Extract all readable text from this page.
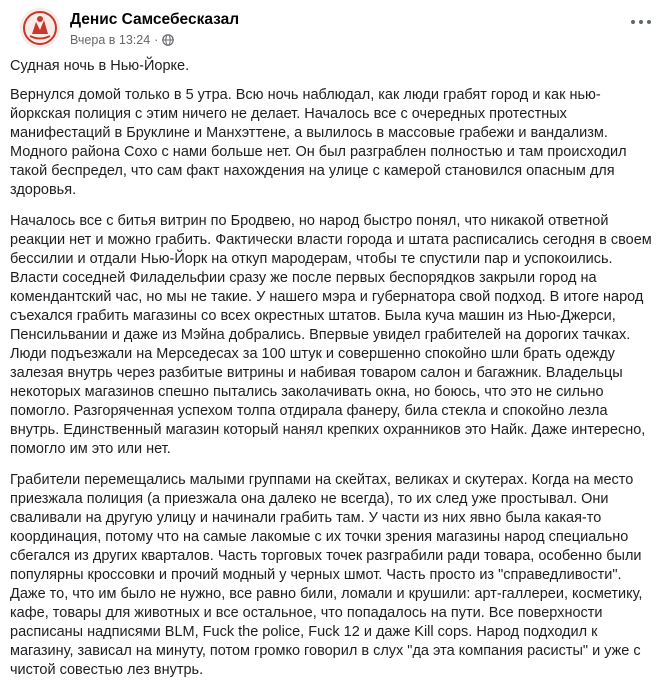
Денис Самсебесказал
Вчера в 13:24 ·

Судная ночь в Нью-Йорке.

Вернулся домой только в 5 утра. Всю ночь наблюдал, как люди грабят город и как нью-йоркская полиция с этим ничего не делает. Началось все с очередных протестных манифестаций в Бруклине и Манхэттене, а вылилось в массовые грабежи и вандализм. Модного района Сохо с нами больше нет. Он был разграблен полностью и там происходил такой беспредел, что сам факт нахождения на улице с камерой становился опасным для здоровья.

Началось все с битья витрин по Бродвею, но народ быстро понял, что никакой ответной реакции нет и можно грабить. Фактически власти города и штата расписались сегодня в своем бессилии и отдали Нью-Йорк на откуп мародерам, чтобы те спустили пар и успокоились. Власти соседней Филадельфии сразу же после первых беспорядков закрыли город на комендантский час, но мы не такие. У нашего мэра и губернатора свой подход. В итоге народ съехался грабить магазины со всех окрестных штатов. Была куча машин из Нью-Джерси, Пенсильвании и даже из Мэйна добрались. Впервые увидел грабителей на дорогих тачках. Люди подъезжали на Мерседесах за 100 штук и совершенно спокойно шли брать одежду залезая внутрь через разбитые витрины и набивая товаром салон и багажник. Владельцы некоторых магазинов спешно пытались заколачивать окна, но боюсь, что это не сильно помогло. Разгоряченная успехом толпа отдирала фанеру, била стекла и спокойно лезла внутрь. Единственный магазин который нанял крепких охранников это Найк. Даже интересно, помогло им это или нет.

Грабители перемещались малыми группами на скейтах, великах и скутерах. Когда на место приезжала полиция (а приезжала она далеко не всегда), то их след уже простывал. Они сваливали на другую улицу и начинали грабить там. У части из них явно была какая-то координация, потому что на самые лакомые с их точки зрения магазины народ специально сбегался из других кварталов. Часть торговых точек разграбили ради товара, особенно были популярны кроссовки и прочий модный у черных шмот. Часть просто из "справедливости". Даже то, что им было не нужно, все равно били, ломали и крушили: арт-галлереи, косметику, кафе, товары для животных и все остальное, что попадалось на пути. Все поверхности расписаны надписями BLM, Fuck the police, Fuck 12 и даже Kill cops. Народ подходил к магазину, зависал на минуту, потом громко говорил в слух "да эта компания расисты" и уже с чистой совестью лез внутрь.
